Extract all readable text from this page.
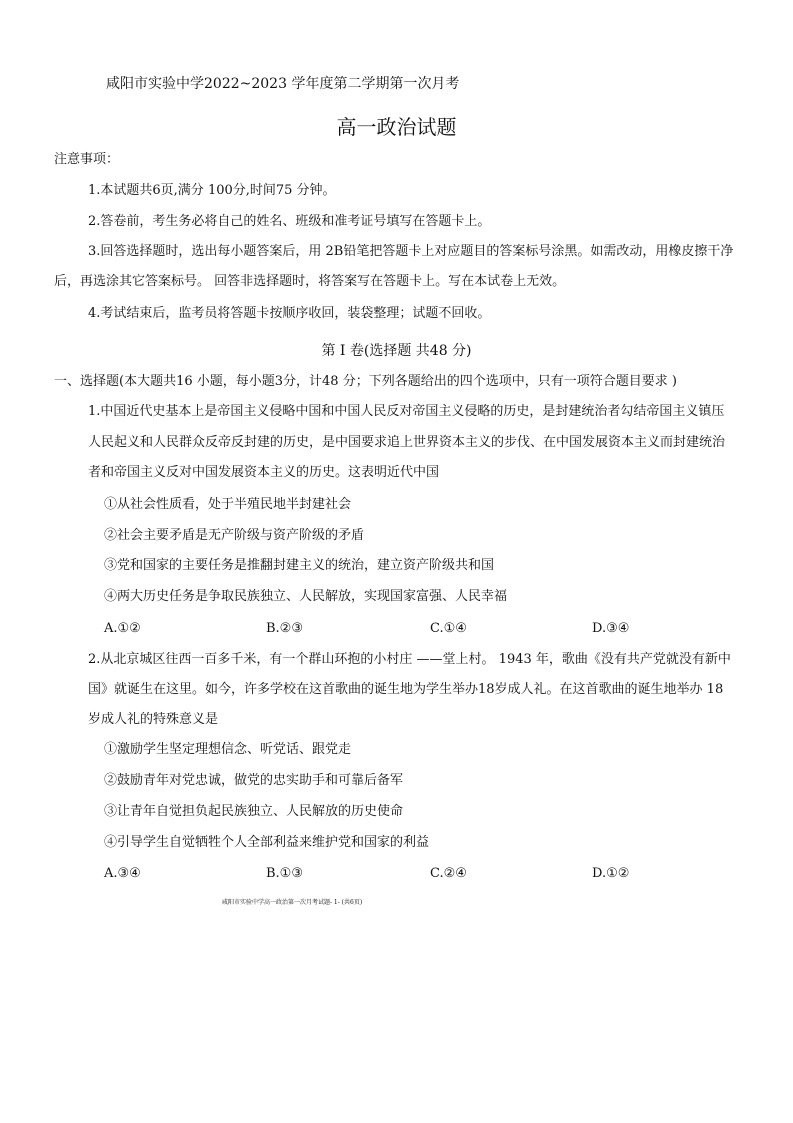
咸阳市实验中学2022~2023 学年度第二学期第一次月考
高一政治试题
注意事项：
1.本试题共6页,满分 100分,时间75 分钟。
2.答卷前，考生务必将自己的姓名、班级和准考证号填写在答题卡上。
3.回答选择题时，选出每小题答案后，用 2B铅笔把答题卡上对应题目的答案标号涂黑。如需改动，用橡皮擦干净
后，再选涂其它答案标号。 回答非选择题时，将答案写在答题卡上。写在本试卷上无效。
4.考试结束后，监考员将答题卡按顺序收回，装袋整理；试题不回收。
第 Ⅰ 卷(选择题 共48 分)
一、选择题(本大题共16 小题，每小题3分，计48 分；下列各题给出的四个选项中，只有一项符合题目要求 )
1.中国近代史基本上是帝国主义侵略中国和中国人民反对帝国主义侵略的历史，是封建统治者勾结帝国主义镇压
人民起义和人民群众反帝反封建的历史，是中国要求追上世界资本主义的步伐、在中国发展资本主义而封建统治
者和帝国主义反对中国发展资本主义的历史。这表明近代中国
①从社会性质看，处于半殖民地半封建社会
②社会主要矛盾是无产阶级与资产阶级的矛盾
③党和国家的主要任务是推翻封建主义的统治，建立资产阶级共和国
④两大历史任务是争取民族独立、人民解放，实现国家富强、人民幸福
A.①②	B.②③	C.①④	D.③④
2.从北京城区往西一百多千米，有一个群山环抱的小村庄 ——堂上村。 1943 年，歌曲《没有共产党就没有新中
国》就诞生在这里。如今，许多学校在这首歌曲的诞生地为学生举办18岁成人礼。在这首歌曲的诞生地举办 18
岁成人礼的特殊意义是
①激励学生坚定理想信念、听党话、跟党走
②鼓励青年对党忠诚，做党的忠实助手和可靠后备军
③让青年自觉担负起民族独立、人民解放的历史使命
④引导学生自觉牺牲个人全部利益来维护党和国家的利益
A.③④	B.①③	C.②④	D.①②
咸阳市实验中学高一政治第一次月考试题- 1- (共6页)
